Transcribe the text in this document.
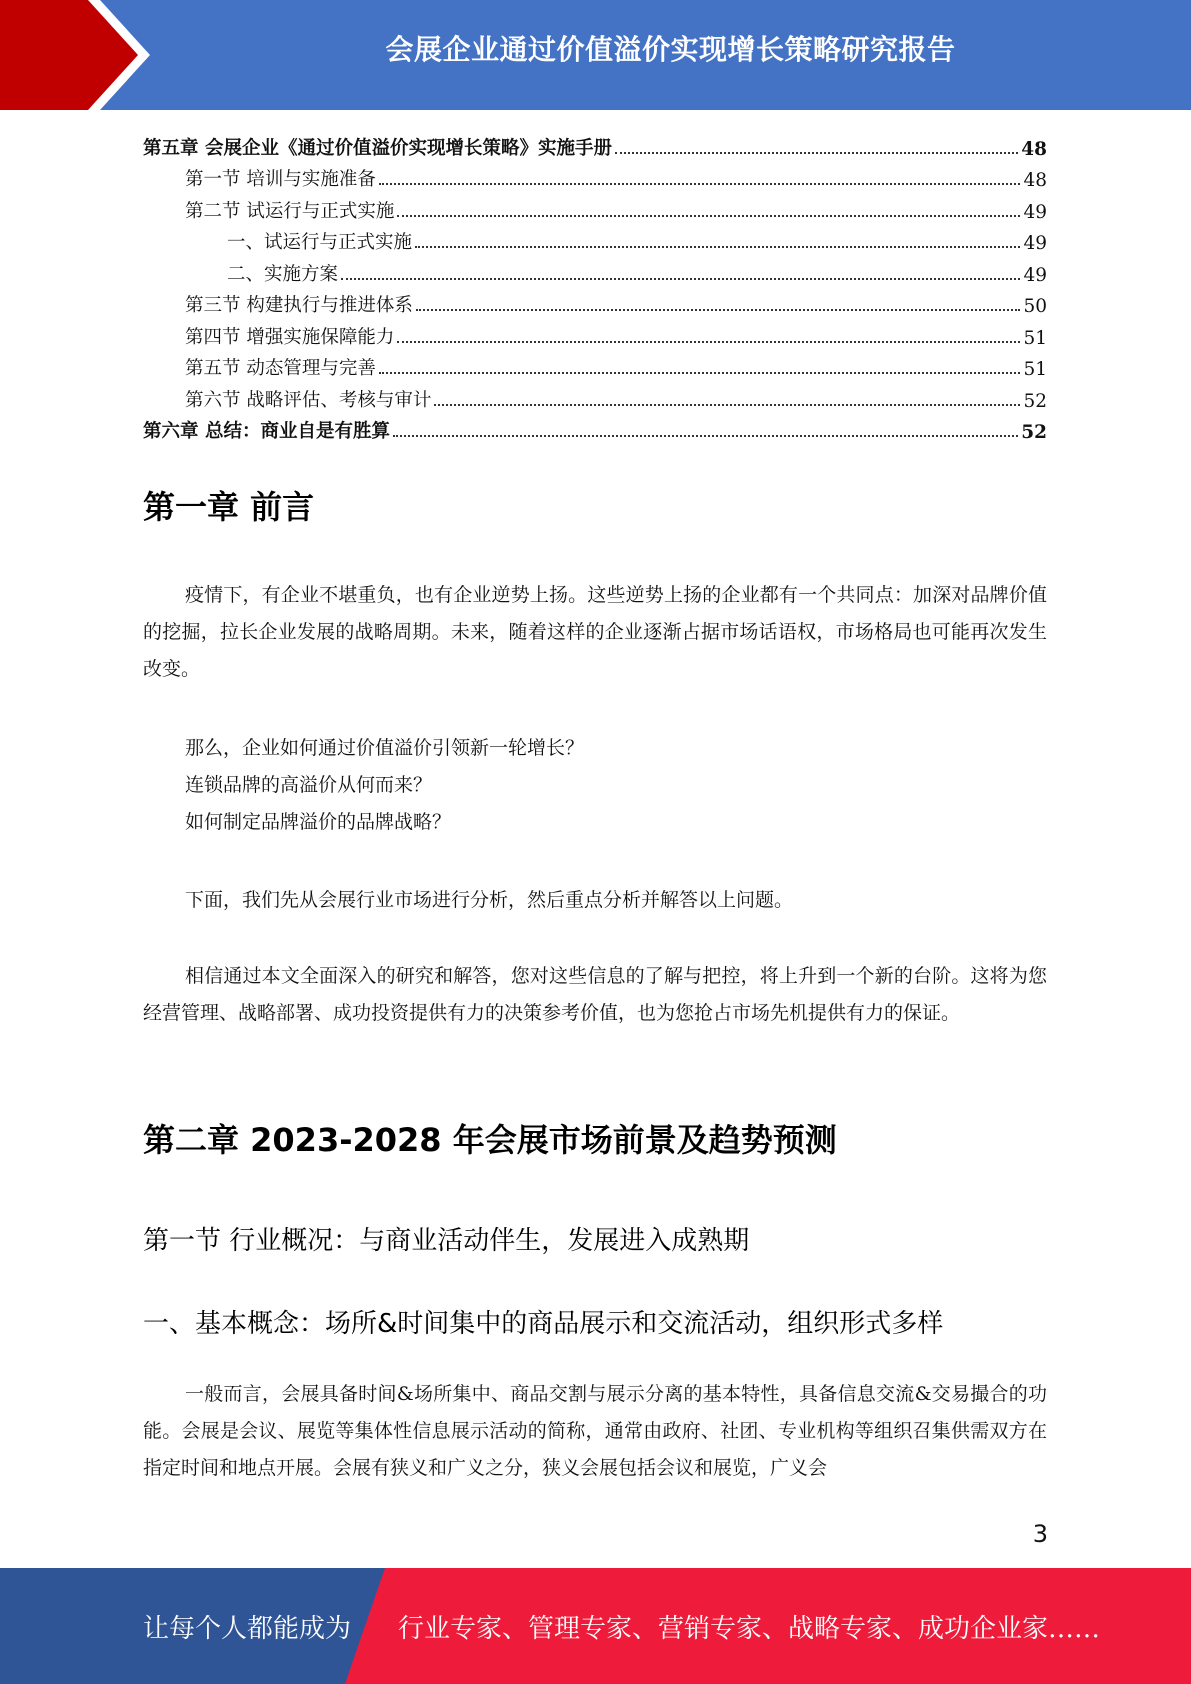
会展企业通过价值溢价实现增长策略研究报告
第五章 会展企业《通过价值溢价实现增长策略》实施手册	48
第一节 培训与实施准备	48
第二节 试运行与正式实施	49
一、试运行与正式实施	49
二、实施方案	49
第三节 构建执行与推进体系	50
第四节 增强实施保障能力	51
第五节 动态管理与完善	51
第六节 战略评估、考核与审计	52
第六章 总结：商业自是有胜算	52
第一章 前言

疫情下，有企业不堪重负，也有企业逆势上扬。这些逆势上扬的企业都有一个共同点：加深对品牌价值的挖掘，拉长企业发展的战略周期。未来，随着这样的企业逐渐占据市场话语权，市场格局也可能再次发生改变。

那么，企业如何通过价值溢价引领新一轮增长？

连锁品牌的高溢价从何而来？

如何制定品牌溢价的品牌战略？

下面，我们先从会展行业市场进行分析，然后重点分析并解答以上问题。

相信通过本文全面深入的研究和解答，您对这些信息的了解与把控，将上升到一个新的台阶。这将为您经营管理、战略部署、成功投资提供有力的决策参考价值，也为您抢占市场先机提供有力的保证。

第二章 2023-2028 年会展市场前景及趋势预测
第一节 行业概况：与商业活动伴生，发展进入成熟期
一、基本概念：场所&时间集中的商品展示和交流活动，组织形式多样

一般而言，会展具备时间&场所集中、商品交割与展示分离的基本特性，具备信息交流&交易撮合的功能。会展是会议、展览等集体性信息展示活动的简称，通常由政府、社团、专业机构等组织召集供需双方在指定时间和地点开展。会展有狭义和广义之分，狭义会展包括会议和展览，广义会

3
让每个人都能成为 行业专家、管理专家、营销专家、战略专家、成功企业家……
